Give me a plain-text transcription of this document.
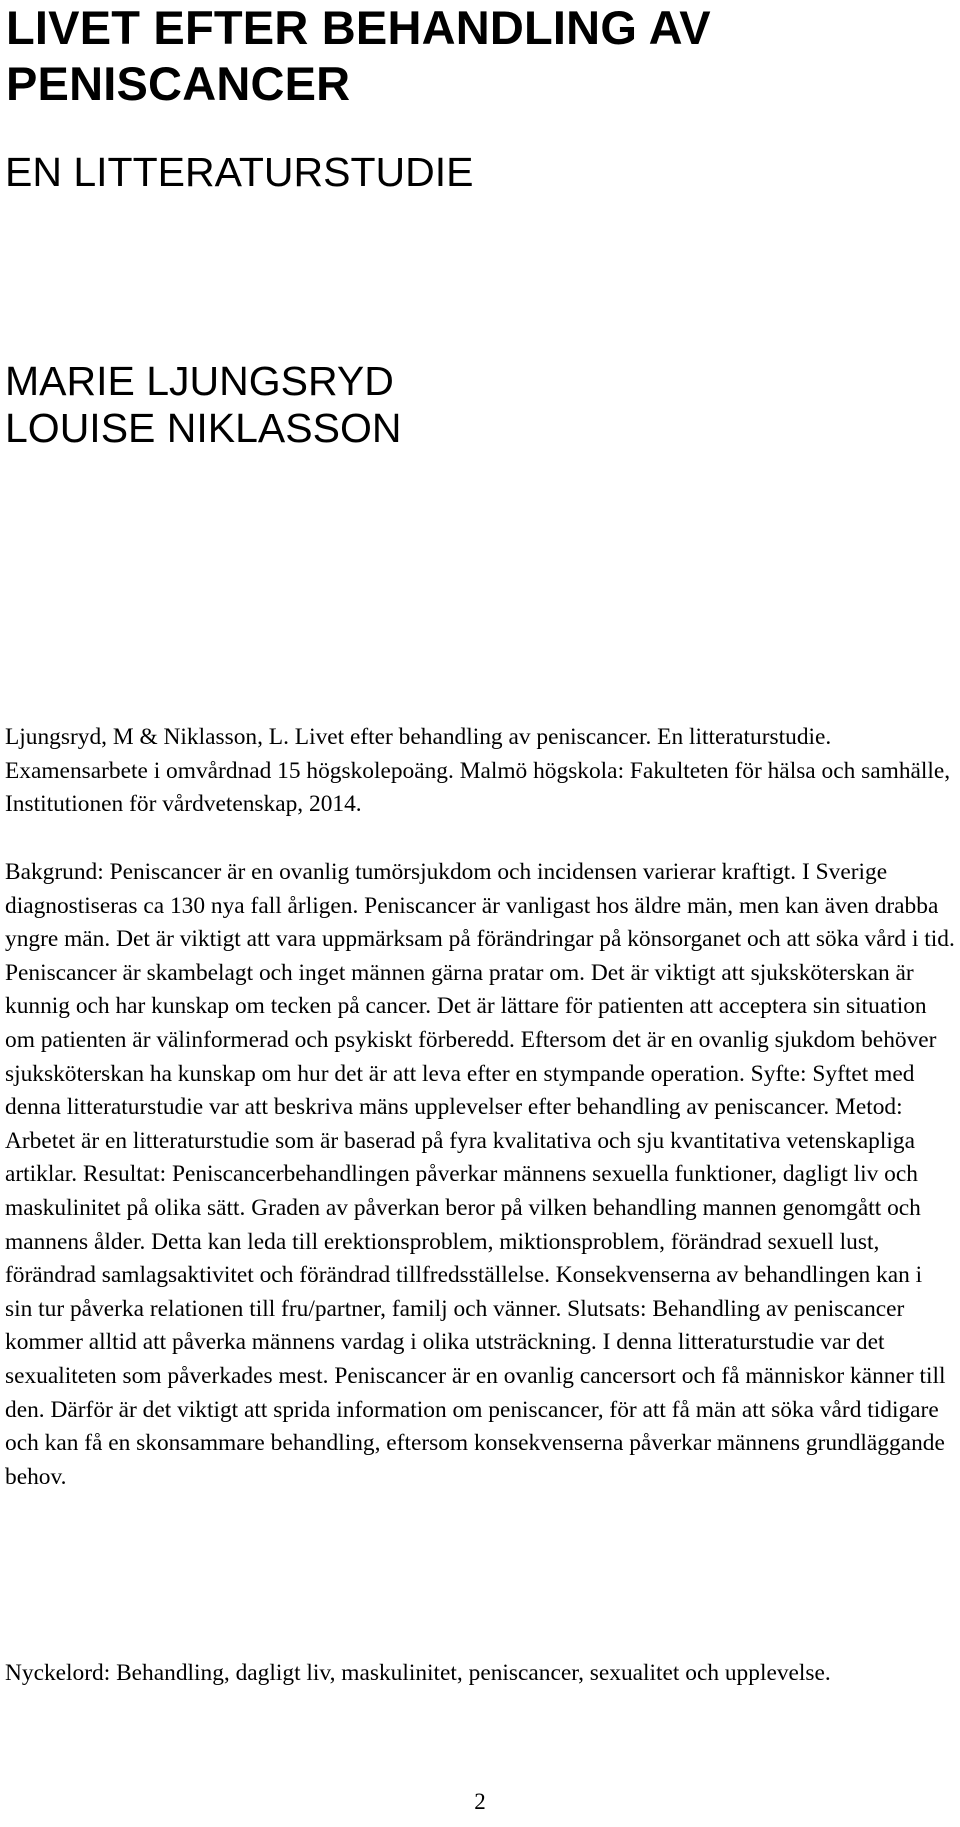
LIVET EFTER BEHANDLING AV
PENISCANCER
EN LITTERATURSTUDIE
MARIE LJUNGSRYD
LOUISE NIKLASSON

Ljungsryd, M & Niklasson, L. Livet efter behandling av peniscancer. En litteraturstudie. Examensarbete i omvårdnad 15 högskolepoäng. Malmö högskola: Fakulteten för hälsa och samhälle, Institutionen för vårdvetenskap, 2014.

Bakgrund: Peniscancer är en ovanlig tumörsjukdom och incidensen varierar kraftigt. I Sverige diagnostiseras ca 130 nya fall årligen. Peniscancer är vanligast hos äldre män, men kan även drabba yngre män. Det är viktigt att vara uppmärksam på förändringar på könsorganet och att söka vård i tid. Peniscancer är skambelagt och inget männen gärna pratar om. Det är viktigt att sjuksköterskan är kunnig och har kunskap om tecken på cancer. Det är lättare för patienten att acceptera sin situation om patienten är välinformerad och psykiskt förberedd. Eftersom det är en ovanlig sjukdom behöver sjuksköterskan ha kunskap om hur det är att leva efter en stympande operation. Syfte: Syftet med denna litteraturstudie var att beskriva mäns upplevelser efter behandling av peniscancer. Metod: Arbetet är en litteraturstudie som är baserad på fyra kvalitativa och sju kvantitativa vetenskapliga artiklar. Resultat: Peniscancerbehandlingen påverkar männens sexuella funktioner, dagligt liv och maskulinitet på olika sätt. Graden av påverkan beror på vilken behandling mannen genomgått och mannens ålder. Detta kan leda till erektionsproblem, miktionsproblem, förändrad sexuell lust, förändrad samlagsaktivitet och förändrad tillfredsställelse. Konsekvenserna av behandlingen kan i sin tur påverka relationen till fru/partner, familj och vänner. Slutsats: Behandling av peniscancer kommer alltid att påverka männens vardag i olika utsträckning. I denna litteraturstudie var det sexualiteten som påverkades mest. Peniscancer är en ovanlig cancersort och få människor känner till den. Därför är det viktigt att sprida information om peniscancer, för att få män att söka vård tidigare och kan få en skonsammare behandling, eftersom konsekvenserna påverkar männens grundläggande behov.

Nyckelord: Behandling, dagligt liv, maskulinitet, peniscancer, sexualitet och upplevelse.

2
